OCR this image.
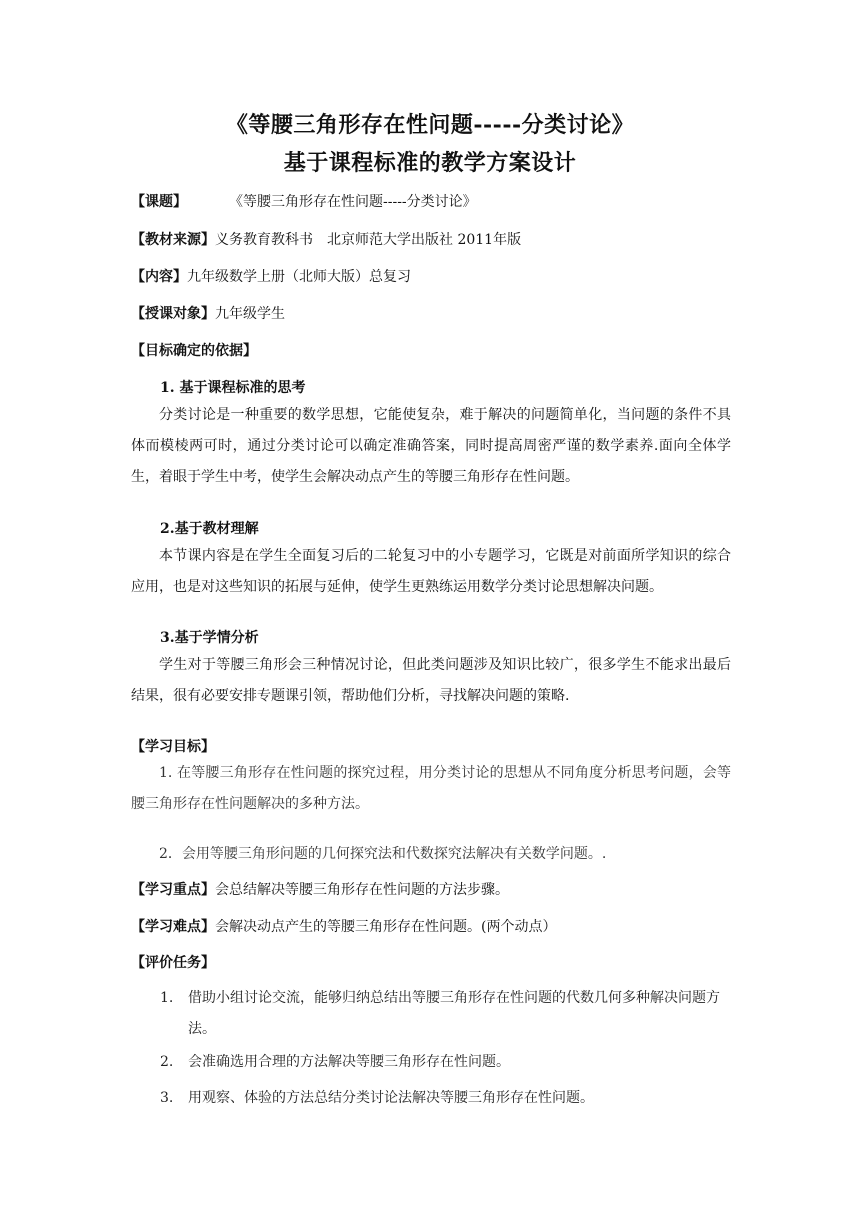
《等腰三角形存在性问题-----分类讨论》
基于课程标准的教学方案设计
【课题】	《等腰三角形存在性问题-----分类讨论》
【教材来源】义务教育教科书　北京师范大学出版社 2011年版
【内容】九年级数学上册（北师大版）总复习
【授课对象】九年级学生
【目标确定的依据】
1. 基于课程标准的思考
分类讨论是一种重要的数学思想，它能使复杂，难于解决的问题简单化，当问题的条件不具体而模棱两可时，通过分类讨论可以确定准确答案，同时提高周密严谨的数学素养.面向全体学生，着眼于学生中考，使学生会解决动点产生的等腰三角形存在性问题。
2.基于教材理解
本节课内容是在学生全面复习后的二轮复习中的小专题学习，它既是对前面所学知识的综合应用，也是对这些知识的拓展与延伸，使学生更熟练运用数学分类讨论思想解决问题。
3.基于学情分析
学生对于等腰三角形会三种情况讨论，但此类问题涉及知识比较广，很多学生不能求出最后结果，很有必要安排专题课引领，帮助他们分析，寻找解决问题的策略.
【学习目标】
1. 在等腰三角形存在性问题的探究过程，用分类讨论的思想从不同角度分析思考问题，会等腰三角形存在性问题解决的多种方法。
2．会用等腰三角形问题的几何探究法和代数探究法解决有关数学问题。.
【学习重点】会总结解决等腰三角形存在性问题的方法步骤。
【学习难点】会解决动点产生的等腰三角形存在性问题。(两个动点）
【评价任务】
1.	借助小组讨论交流，能够归纳总结出等腰三角形存在性问题的代数几何多种解决问题方法。
2.	会准确选用合理的方法解决等腰三角形存在性问题。
3.	用观察、体验的方法总结分类讨论法解决等腰三角形存在性问题。
